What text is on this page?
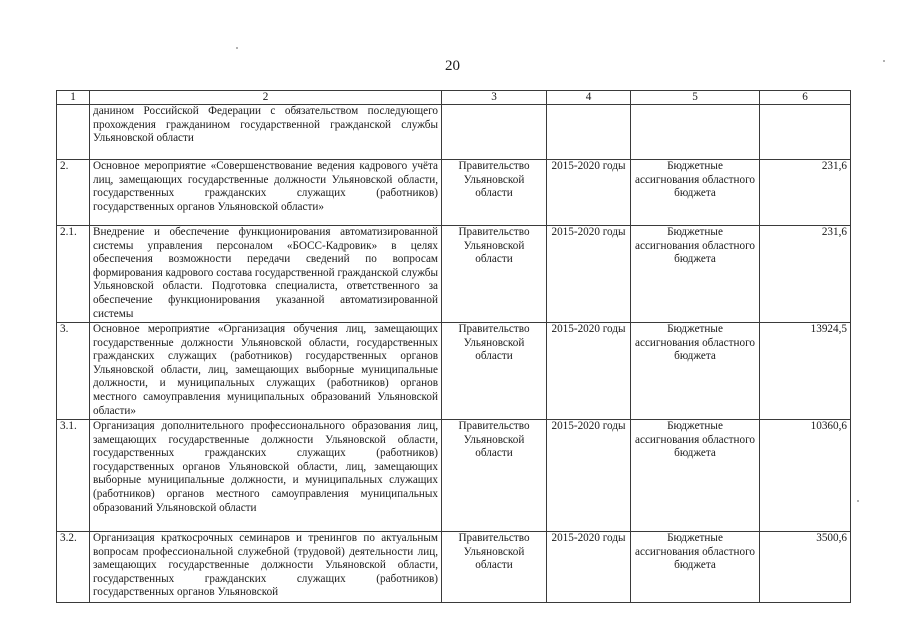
20
1	2	3	4	5	6
	данином Российской Федерации с обязательством последующего прохождения гражданином государственной гражданской службы Ульяновской области				
2.	Основное мероприятие «Совершенствование ведения кадрового учёта лиц, замещающих государственные должности Ульяновской области, государственных гражданских служащих (работников) государственных органов Ульяновской области»	Правительство Ульяновской области	2015-2020 годы	Бюджетные ассигнования областного бюджета	231,6
2.1.	Внедрение и обеспечение функционирования автоматизированной системы управления персоналом «БОСС-Кадровик» в целях обеспечения возможности передачи сведений по вопросам формирования кадрового состава государственной гражданской службы Ульяновской области. Подготовка специалиста, ответственного за обеспечение функционирования указанной автоматизированной системы	Правительство Ульяновской области	2015-2020 годы	Бюджетные ассигнования областного бюджета	231,6
3.	Основное мероприятие «Организация обучения лиц, замещающих государственные должности Ульяновской области, государственных гражданских служащих (работников) государственных органов Ульяновской области, лиц, замещающих выборные муниципальные должности, и муниципальных служащих (работников) органов местного самоуправления муниципальных образований Ульяновской области»	Правительство Ульяновской области	2015-2020 годы	Бюджетные ассигнования областного бюджета	13924,5
3.1.	Организация дополнительного профессионального образования лиц, замещающих государственные должности Ульяновской области, государственных гражданских служащих (работников) государственных органов Ульяновской области, лиц, замещающих выборные муниципальные должности, и муниципальных служащих (работников) органов местного самоуправления муниципальных образований Ульяновской области	Правительство Ульяновской области	2015-2020 годы	Бюджетные ассигнования областного бюджета	10360,6
3.2.	Организация краткосрочных семинаров и тренингов по актуальным вопросам профессиональной служебной (трудовой) деятельности лиц, замещающих государственные должности Ульяновской области, государственных гражданских служащих (работников) государственных органов Ульяновской	Правительство Ульяновской области	2015-2020 годы	Бюджетные ассигнования областного бюджета	3500,6
